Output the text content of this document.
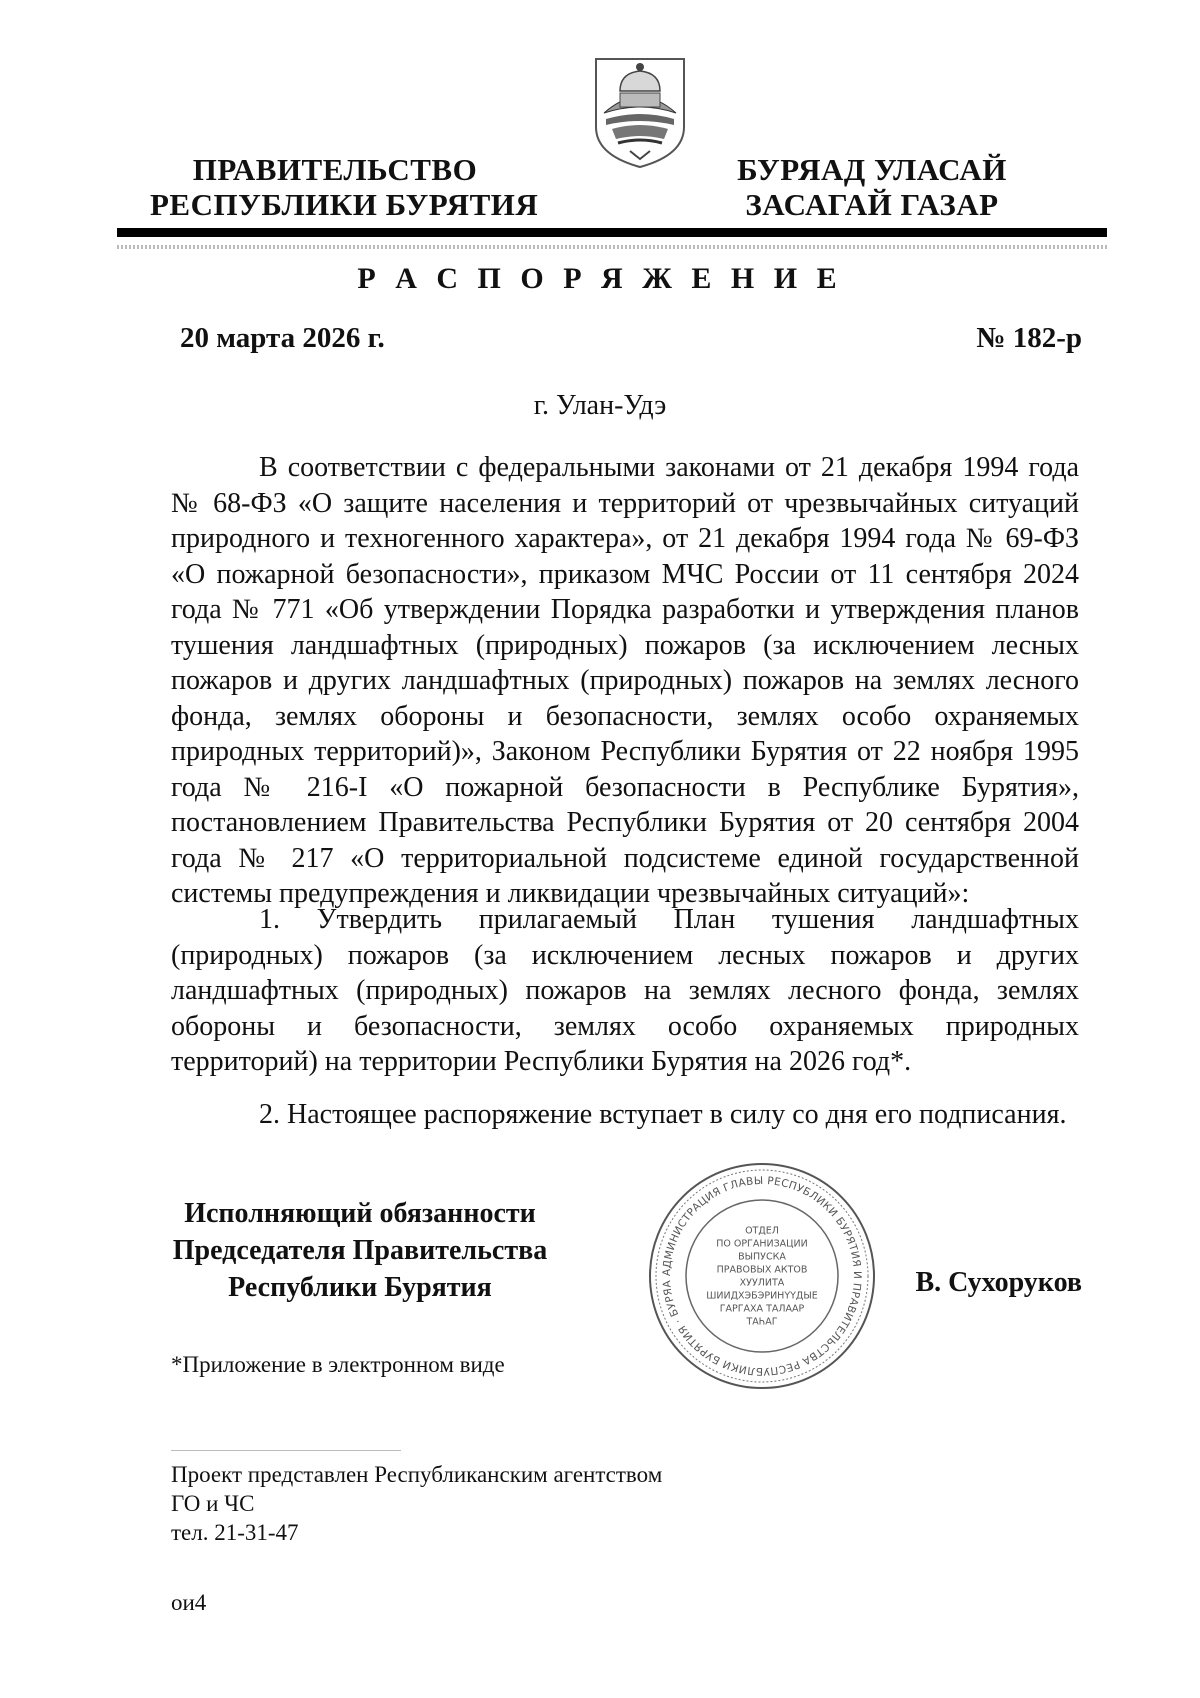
ПРАВИТЕЛЬСТВО
РЕСПУБЛИКИ БУРЯТИЯ
БУРЯАД УЛАСАЙ
ЗАСАГАЙ ГАЗАР
Р А С П О Р Я Ж Е Н И Е
20 марта 2026 г.	№ 182-р
г. Улан-Удэ
В соответствии с федеральными законами от 21 декабря 1994 года № 68-ФЗ «О защите населения и территорий от чрезвычайных ситуаций природного и техногенного характера», от 21 декабря 1994 года № 69-ФЗ «О пожарной безопасности», приказом МЧС России от 11 сентября 2024 года № 771 «Об утверждении Порядка разработки и утверждения планов тушения ландшафтных (природных) пожаров (за исключением лесных пожаров и других ландшафтных (природных) пожаров на землях лесного фонда, землях обороны и безопасности, землях особо охраняемых природных территорий)», Законом Республики Бурятия от 22 ноября 1995 года № 216-I «О пожарной безопасности в Республике Бурятия», постановлением Правительства Республики Бурятия от 20 сентября 2004 года № 217 «О территориальной подсистеме единой государственной системы предупреждения и ликвидации чрезвычайных ситуаций»:
1. Утвердить прилагаемый План тушения ландшафтных (природных) пожаров (за исключением лесных пожаров и других ландшафтных (природных) пожаров на землях лесного фонда, землях обороны и безопасности, землях особо охраняемых природных территорий) на территории Республики Бурятия на 2026 год*.
2. Настоящее распоряжение вступает в силу со дня его подписания.
Исполняющий обязанности
Председателя Правительства
Республики Бурятия	АДМИНИСТРАЦИЯ ГЛАВЫ РЕСПУБЛИКИ БУРЯТИЯ И ПРАВИТЕЛЬСТВА РЕСПУБЛИКИ БУРЯТИЯ · БУРЯА
ОТДЕЛ
ПО ОРГАНИЗАЦИИ
ВЫПУСКА
ПРАВОВЫХ АКТОВ
ХУУЛИТА
ШИИДХЭБЭРИНҮҮДЫЕ
ГАРГАХА ТАЛААР
ТАҺАГ
В. Сухоруков
*Приложение в электронном виде
Проект представлен Республиканским агентством
ГО и ЧС
тел. 21-31-47
ои4
